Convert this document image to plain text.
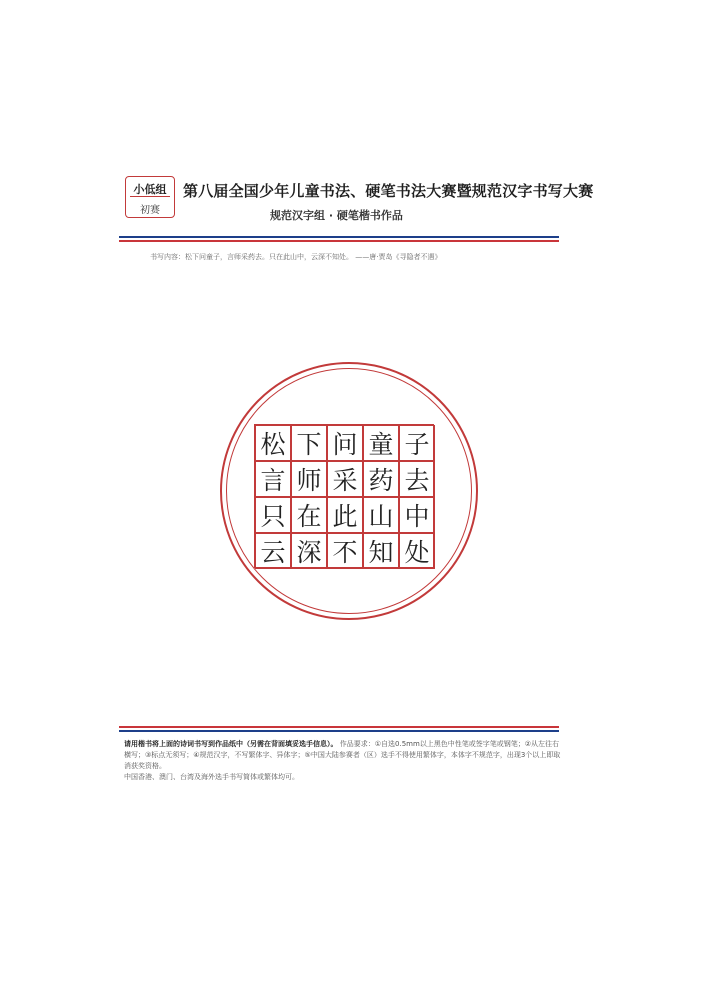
小低组
初赛
第八届全国少年儿童书法、硬笔书法大赛暨规范汉字书写大赛
规范汉字组 · 硬笔楷书作品
书写内容：松下问童子，言师采药去。只在此山中，云深不知处。 ——唐·贾岛《寻隐者不遇》
松 下 问 童 子
言 师 采 药 去
只 在 此 山 中
云 深 不 知 处
请用楷书将上面的诗词书写到作品纸中（另需在背面填妥选手信息）。 作品要求：①自选0.5mm以上黑色中性笔或签字笔或钢笔；②从左往右横写；③标点无须写；④规范汉字，不写繁体字、异体字；⑤中国大陆参赛者（区）选手不得使用繁体字，本体字不规范字，出现3个以上即取消获奖资格。
中国香港、澳门、台湾及海外选手书写简体或繁体均可。
